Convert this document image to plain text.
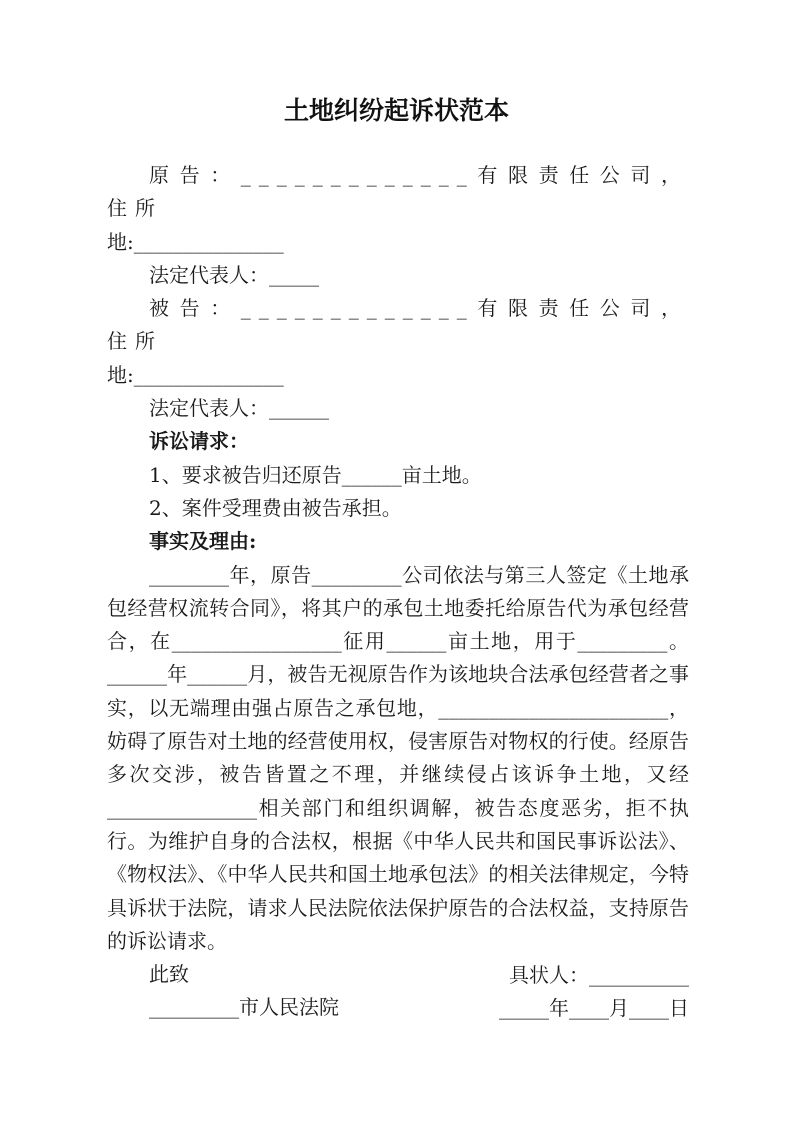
土地纠纷起诉状范本

原告：_____________有限责任公司，住所

地:_______________

法定代表人：_____

被告：_____________有限责任公司，住所

地:_______________

法定代表人：______

诉讼请求：

1、要求被告归还原告______亩土地。

2、案件受理费由被告承担。

事实及理由:

________年，原告_________公司依法与第三人签定《土地承包经营权流转合同》，将其户的承包土地委托给原告代为承包经营合，在_________________征用______亩土地，用于_________。______年______月，被告无视原告作为该地块合法承包经营者之事实，以无端理由强占原告之承包地，_______________________，妨碍了原告对土地的经营使用权，侵害原告对物权的行使。经原告多次交涉，被告皆置之不理，并继续侵占该诉争土地，又经_______________相关部门和组织调解，被告态度恶劣，拒不执行。为维护自身的合法权，根据《中华人民共和国民事诉讼法》、《物权法》、《中华人民共和国土地承包法》的相关法律规定，今特具诉状于法院，请求人民法院依法保护原告的合法权益，支持原告的诉讼请求。

此致

_________市人民法院

具状人：__________
_____年____月____日
